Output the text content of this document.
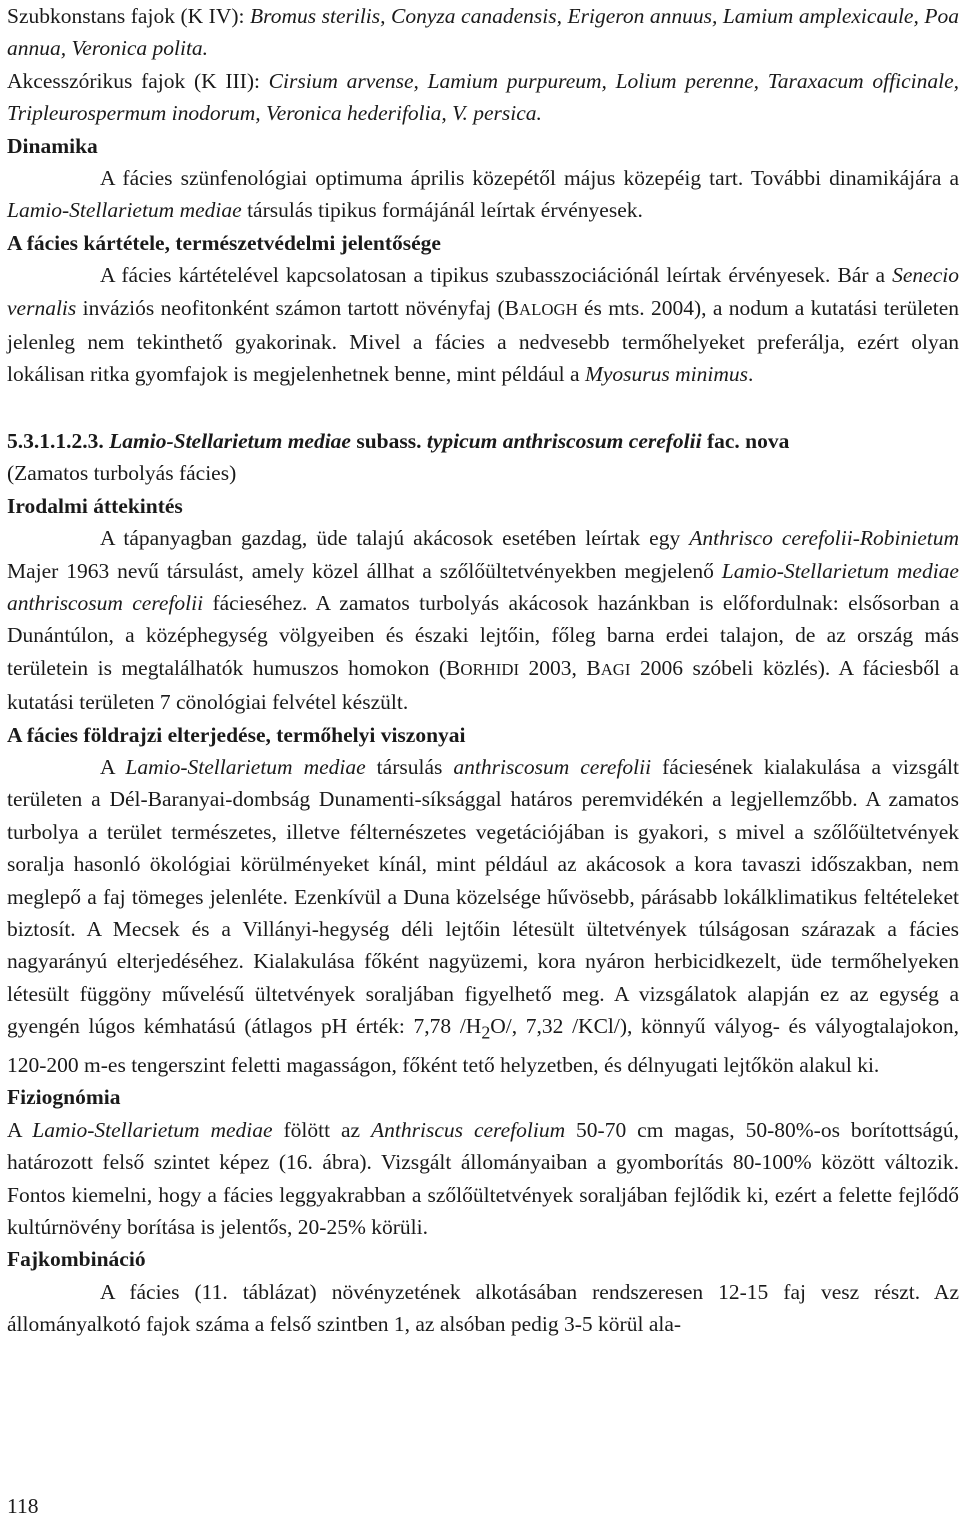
Szubkonstans fajok (K IV): Bromus sterilis, Conyza canadensis, Erigeron annuus, Lamium amplexicaule, Poa annua, Veronica polita.

Akcesszórikus fajok (K III): Cirsium arvense, Lamium purpureum, Lolium perenne, Taraxacum officinale, Tripleurospermum inodorum, Veronica hederifolia, V. persica.

Dinamika

A fácies szünfenológiai optimuma április közepétől május közepéig tart. További dinamikájára a Lamio-Stellarietum mediae társulás tipikus formájánál leírtak érvényesek.

A fácies kártétele, természetvédelmi jelentősége

A fácies kártételével kapcsolatosan a tipikus szubasszociációnál leírtak érvényesek. Bár a Senecio vernalis inváziós neofitonként számon tartott növényfaj (BALOGH és mts. 2004), a nodum a kutatási területen jelenleg nem tekinthető gyakorinak. Mivel a fácies a nedvesebb termőhelyeket preferálja, ezért olyan lokálisan ritka gyomfajok is megjelenhetnek benne, mint például a Myosurus minimus.

5.3.1.1.2.3. Lamio-Stellarietum mediae subass. typicum anthriscosum cerefolii fac. nova

(Zamatos turbolyás fácies)

Irodalmi áttekintés

A tápanyagban gazdag, üde talajú akácosok esetében leírtak egy Anthrisco cerefolii-Robinietum Majer 1963 nevű társulást, amely közel állhat a szőlőültetvényekben megjelenő Lamio-Stellarietum mediae anthriscosum cerefolii fácieséhez. A zamatos turbolyás akácosok hazánkban is előfordulnak: elsősorban a Dunántúlon, a középhegység völgyeiben és északi lejtőin, főleg barna erdei talajon, de az ország más területein is megtalálhatók humuszos homokon (BORHIDI 2003, BAGI 2006 szóbeli közlés). A fáciesből a kutatási területen 7 cönológiai felvétel készült.

A fácies földrajzi elterjedése, termőhelyi viszonyai

A Lamio-Stellarietum mediae társulás anthriscosum cerefolii fáciesének kialakulása a vizsgált területen a Dél-Baranyai-dombság Dunamenti-síksággal határos peremvidékén a legjellemzőbb. A zamatos turbolya a terület természetes, illetve félternészetes vegetációjában is gyakori, s mivel a szőlőültetvények soralja hasonló ökológiai körülményeket kínál, mint például az akácosok a kora tavaszi időszakban, nem meglepő a faj tömeges jelenléte. Ezenkívül a Duna közelsége hűvösebb, párásabb lokálklimatikus feltételeket biztosít. A Mecsek és a Villányi-hegység déli lejtőin létesült ültetvények túlságosan szárazak a fácies nagyarányú elterjedéséhez. Kialakulása főként nagyüzemi, kora nyáron herbicidkezelt, üde termőhelyeken létesült függöny művelésű ültetvények soraljában figyelhető meg. A vizsgálatok alapján ez az egység a gyengén lúgos kémhatású (átlagos pH érték: 7,78 $/H_2O/$, 7,32 /KCl/), könnyű vályog- és vályogtalajokon, 120-200 m-es tengerszint feletti magasságon, főként tető helyzetben, és délnyugati lejtőkön alakul ki.

Fiziognómia

A Lamio-Stellarietum mediae fölött az Anthriscus cerefolium 50-70 cm magas, 50-80%-os borítottságú, határozott felső szintet képez (16. ábra). Vizsgált állományaiban a gyomborítás 80-100% között változik. Fontos kiemelni, hogy a fácies leggyakrabban a szőlőültetvények soraljában fejlődik ki, ezért a felette fejlődő kultúrnövény borítása is jelentős, 20-25% körüli.

Fajkombináció

A fácies (11. táblázat) növényzetének alkotásában rendszeresen 12-15 faj vesz részt. Az állományalkotó fajok száma a felső szintben 1, az alsóban pedig 3-5 körül ala-

118
